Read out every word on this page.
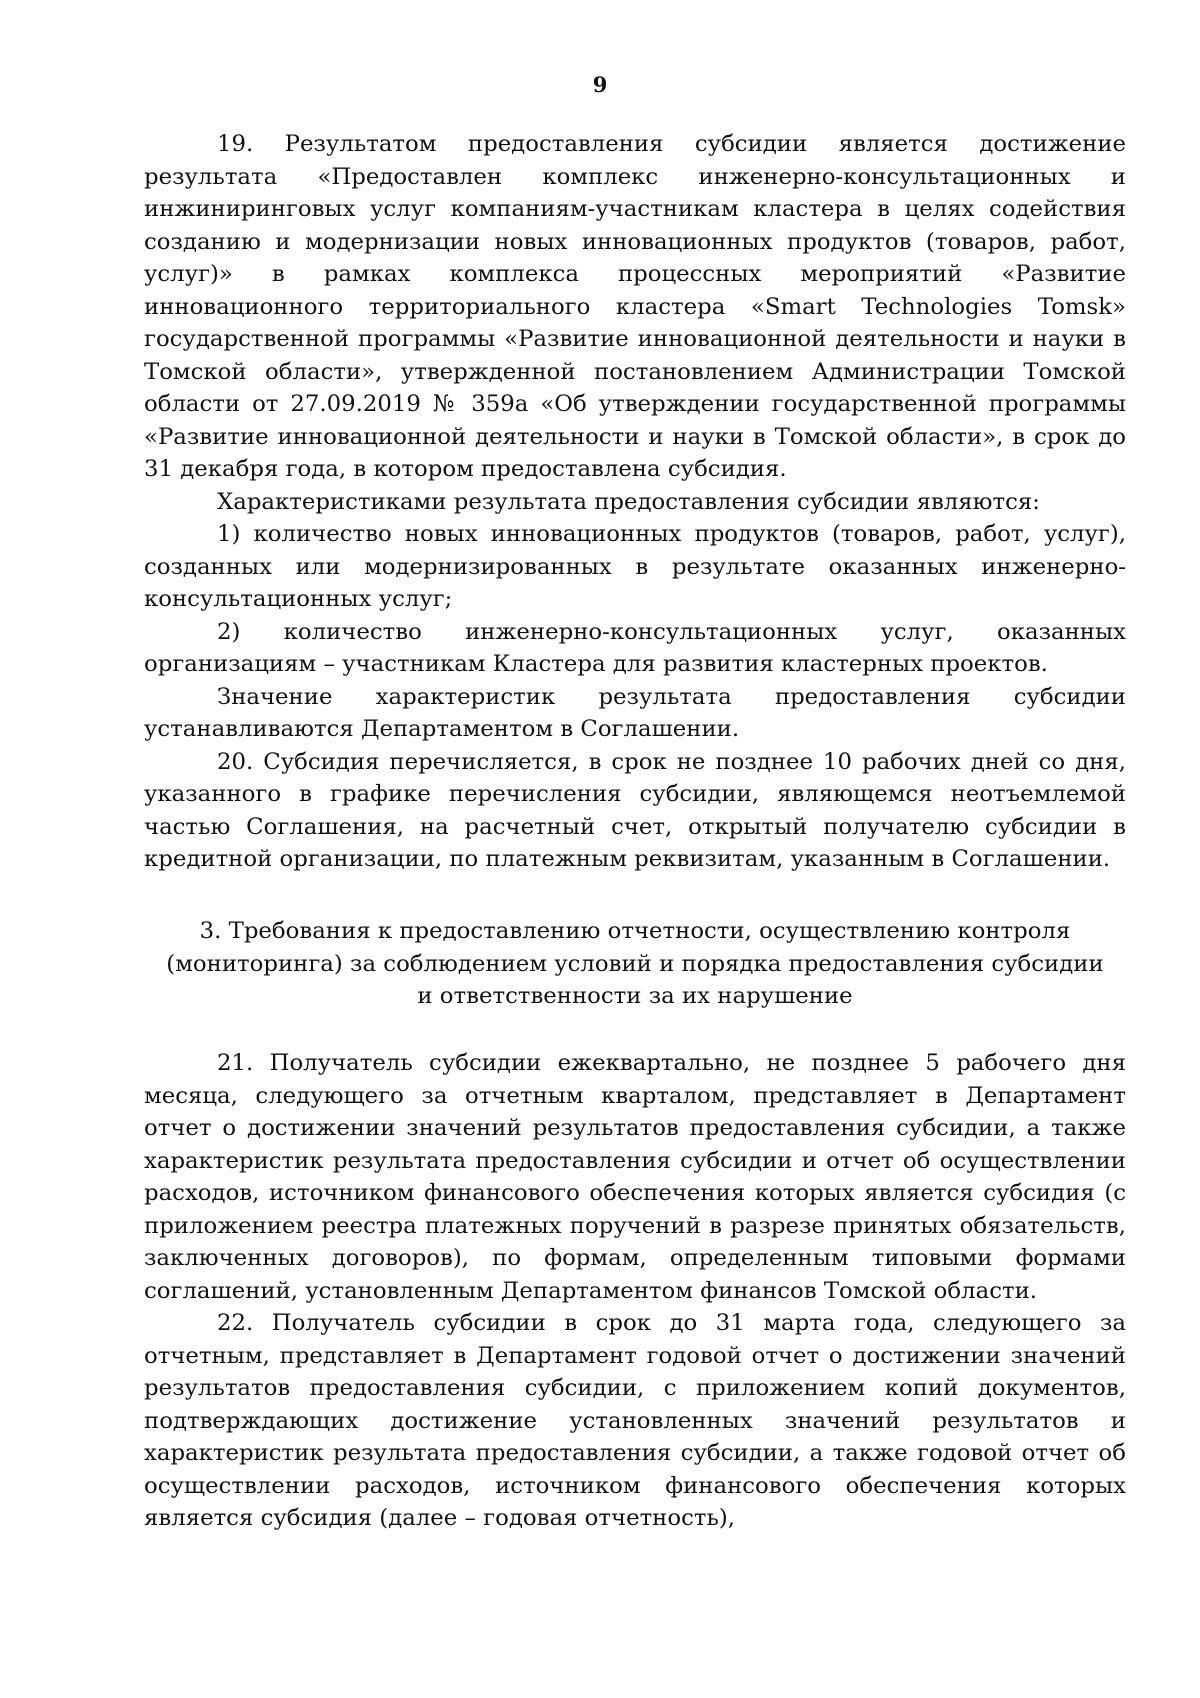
9

19. Результатом предоставления субсидии является достижение результата «Предоставлен комплекс инженерно-консультационных и инжиниринговых услуг компаниям-участникам кластера в целях содействия созданию и модернизации новых инновационных продуктов (товаров, работ, услуг)» в рамках комплекса процессных мероприятий «Развитие инновационного территориального кластера «Smart Technologies Tomsk» государственной программы «Развитие инновационной деятельности и науки в Томской области», утвержденной постановлением Администрации Томской области от 27.09.2019 № 359а «Об утверждении государственной программы «Развитие инновационной деятельности и науки в Томской области», в срок до 31 декабря года, в котором предоставлена субсидия.

Характеристиками результата предоставления субсидии являются:

1) количество новых инновационных продуктов (товаров, работ, услуг), созданных или модернизированных в результате оказанных инженерно-консультационных услуг;

2) количество инженерно-консультационных услуг, оказанных организациям – участникам Кластера для развития кластерных проектов.

Значение характеристик результата предоставления субсидии устанавливаются Департаментом в Соглашении.

20. Субсидия перечисляется, в срок не позднее 10 рабочих дней со дня, указанного в графике перечисления субсидии, являющемся неотъемлемой частью Соглашения, на расчетный счет, открытый получателю субсидии в кредитной организации, по платежным реквизитам, указанным в Соглашении.

3. Требования к предоставлению отчетности, осуществлению контроля
(мониторинга) за соблюдением условий и порядка предоставления субсидии
и ответственности за их нарушение

21. Получатель субсидии ежеквартально, не позднее 5 рабочего дня месяца, следующего за отчетным кварталом, представляет в Департамент отчет о достижении значений результатов предоставления субсидии, а также характеристик результата предоставления субсидии и отчет об осуществлении расходов, источником финансового обеспечения которых является субсидия (с приложением реестра платежных поручений в разрезе принятых обязательств, заключенных договоров), по формам, определенным типовыми формами соглашений, установленным Департаментом финансов Томской области.

22. Получатель субсидии в срок до 31 марта года, следующего за отчетным, представляет в Департамент годовой отчет о достижении значений результатов предоставления субсидии, с приложением копий документов, подтверждающих достижение установленных значений результатов и характеристик результата предоставления субсидии, а также годовой отчет об осуществлении расходов, источником финансового обеспечения которых является субсидия (далее – годовая отчетность),
